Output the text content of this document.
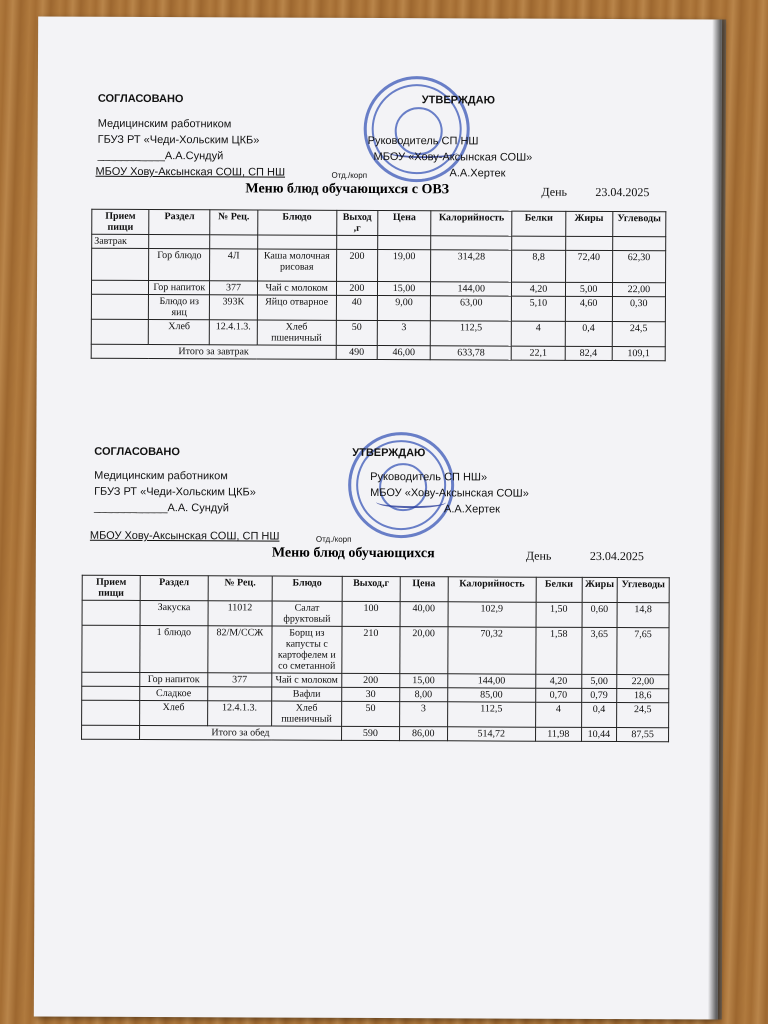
СОГЛАСОВАНО
Медицинским работником
ГБУЗ РТ «Чеди-Хольским ЦКБ»
___________А.А.Сундуй
МБОУ Хову-Аксынская СОШ, СП НШ	Отд./корп
УТВЕРЖДАЮ
Руководитель СП НШ
МБОУ «Хову-Аксынская СОШ»
А.А.Хертек
Меню блюд обучающихся с ОВЗ	День 23.04.2025
Прием пищи	Раздел	№ Рец.	Блюдо	Выход ,г	Цена	Калорийность	Белки	Жиры	Углеводы
Завтрак									
	Гор блюдо	4Л	Каша молочная рисовая	200	19,00	314,28	8,8	72,40	62,30
	Гор напиток	377	Чай с молоком	200	15,00	144,00	4,20	5,00	22,00
	Блюдо из яиц	393К	Яйцо отварное	40	9,00	63,00	5,10	4,60	0,30
	Хлеб	12.4.1.3.	Хлеб пшеничный	50	3	112,5	4	0,4	24,5
Итого за завтрак				490	46,00	633,78	22,1	82,4	109,1
СОГЛАСОВАНО
Медицинским работником
ГБУЗ РТ «Чеди-Хольским ЦКБ»
____________А.А. Сундуй
МБОУ Хову-Аксынская СОШ, СП НШ	Отд./корп
УТВЕРЖДАЮ
Руководитель СП НШ»
МБОУ «Хову-Аксынская СОШ»
А.А.Хертек
Меню блюд обучающихся	День	23.04.2025
Прием пищи	Раздел	№ Рец.	Блюдо	Выход,г	Цена	Калорийность	Белки	Жиры	Углеводы
	Закуска	11012	Салат фруктовый	100	40,00	102,9	1,50	0,60	14,8
	1 блюдо	82/М/ССЖ	Борщ из капусты с картофелем и со сметанной	210	20,00	70,32	1,58	3,65	7,65
	Гор напиток	377	Чай с молоком	200	15,00	144,00	4,20	5,00	22,00
	Сладкое		Вафли	30	8,00	85,00	0,70	0,79	18,6
	Хлеб	12.4.1.3.	Хлеб пшеничный	50	3	112,5	4	0,4	24,5
	Итого за обед			590	86,00	514,72	11,98	10,44	87,55
